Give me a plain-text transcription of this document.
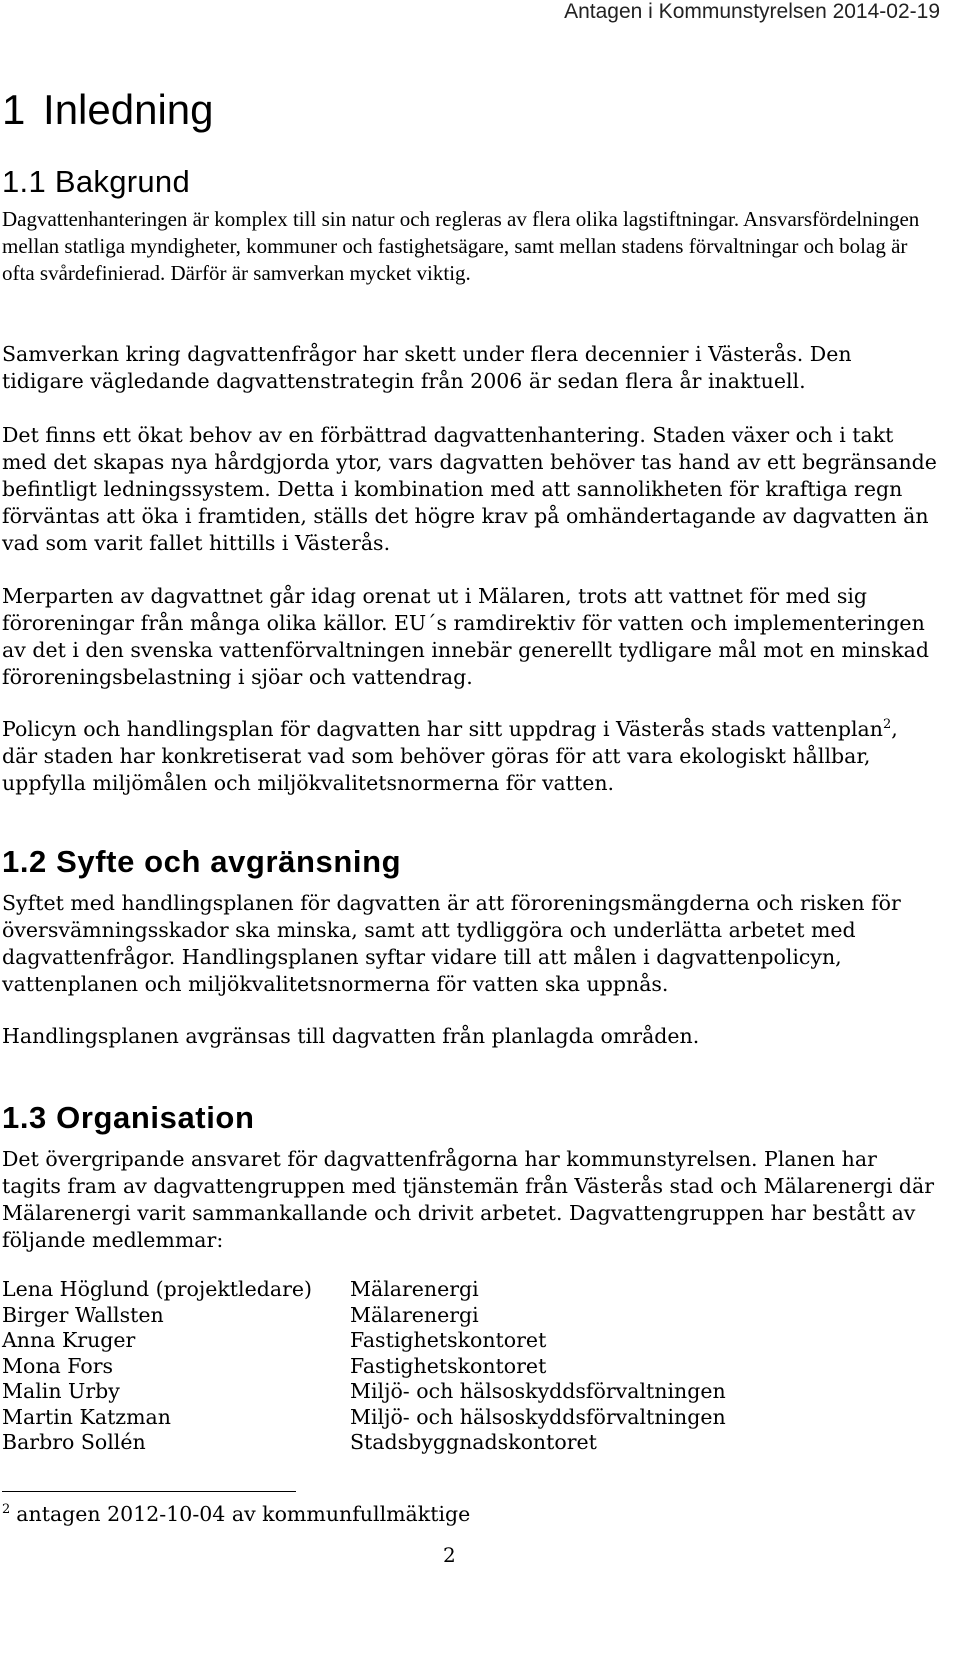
Antagen i Kommunstyrelsen 2014-02-19
1 Inledning
1.1 Bakgrund

Dagvattenhanteringen är komplex till sin natur och regleras av flera olika lagstiftningar. Ansvarsfördelningen mellan statliga myndigheter, kommuner och fastighetsägare, samt mellan stadens förvaltningar och bolag är ofta svårdefinierad. Därför är samverkan mycket viktig.

Samverkan kring dagvattenfrågor har skett under flera decennier i Västerås. Den tidigare vägledande dagvattenstrategin från 2006 är sedan flera år inaktuell.

Det finns ett ökat behov av en förbättrad dagvattenhantering. Staden växer och i takt med det skapas nya hårdgjorda ytor, vars dagvatten behöver tas hand av ett begränsande befintligt ledningssystem. Detta i kombination med att sannolikheten för kraftiga regn förväntas att öka i framtiden, ställs det högre krav på omhändertagande av dagvatten än vad som varit fallet hittills i Västerås.

Merparten av dagvattnet går idag orenat ut i Mälaren, trots att vattnet för med sig föroreningar från många olika källor. EU´s ramdirektiv för vatten och implementeringen av det i den svenska vattenförvaltningen innebär generellt tydligare mål mot en minskad föroreningsbelastning i sjöar och vattendrag.

Policyn och handlingsplan för dagvatten har sitt uppdrag i Västerås stads vattenplan$^2$, där staden har konkretiserat vad som behöver göras för att vara ekologiskt hållbar, uppfylla miljömålen och miljökvalitetsnormerna för vatten.

1.2 Syfte och avgränsning

Syftet med handlingsplanen för dagvatten är att föroreningsmängderna och risken för översvämningsskador ska minska, samt att tydliggöra och underlätta arbetet med dagvattenfrågor. Handlingsplanen syftar vidare till att målen i dagvattenpolicyn, vattenplanen och miljökvalitetsnormerna för vatten ska uppnås.

Handlingsplanen avgränsas till dagvatten från planlagda områden.

1.3 Organisation

Det övergripande ansvaret för dagvattenfrågorna har kommunstyrelsen. Planen har tagits fram av dagvattengruppen med tjänstemän från Västerås stad och Mälarenergi där Mälarenergi varit sammankallande och drivit arbetet. Dagvattengruppen har bestått av följande medlemmar:

Lena Höglund (projektledare) Mälarenergi
Birger Wallsten	Mälarenergi
Anna Kruger	Fastighetskontoret
Mona Fors	Fastighetskontoret
Malin Urby	Miljö- och hälsoskyddsförvaltningen
Martin Katzman	Miljö- och hälsoskyddsförvaltningen
Barbro Sollén	Stadsbyggnadskontoret
$^2$ antagen 2012-10-04 av kommunfullmäktige
2
